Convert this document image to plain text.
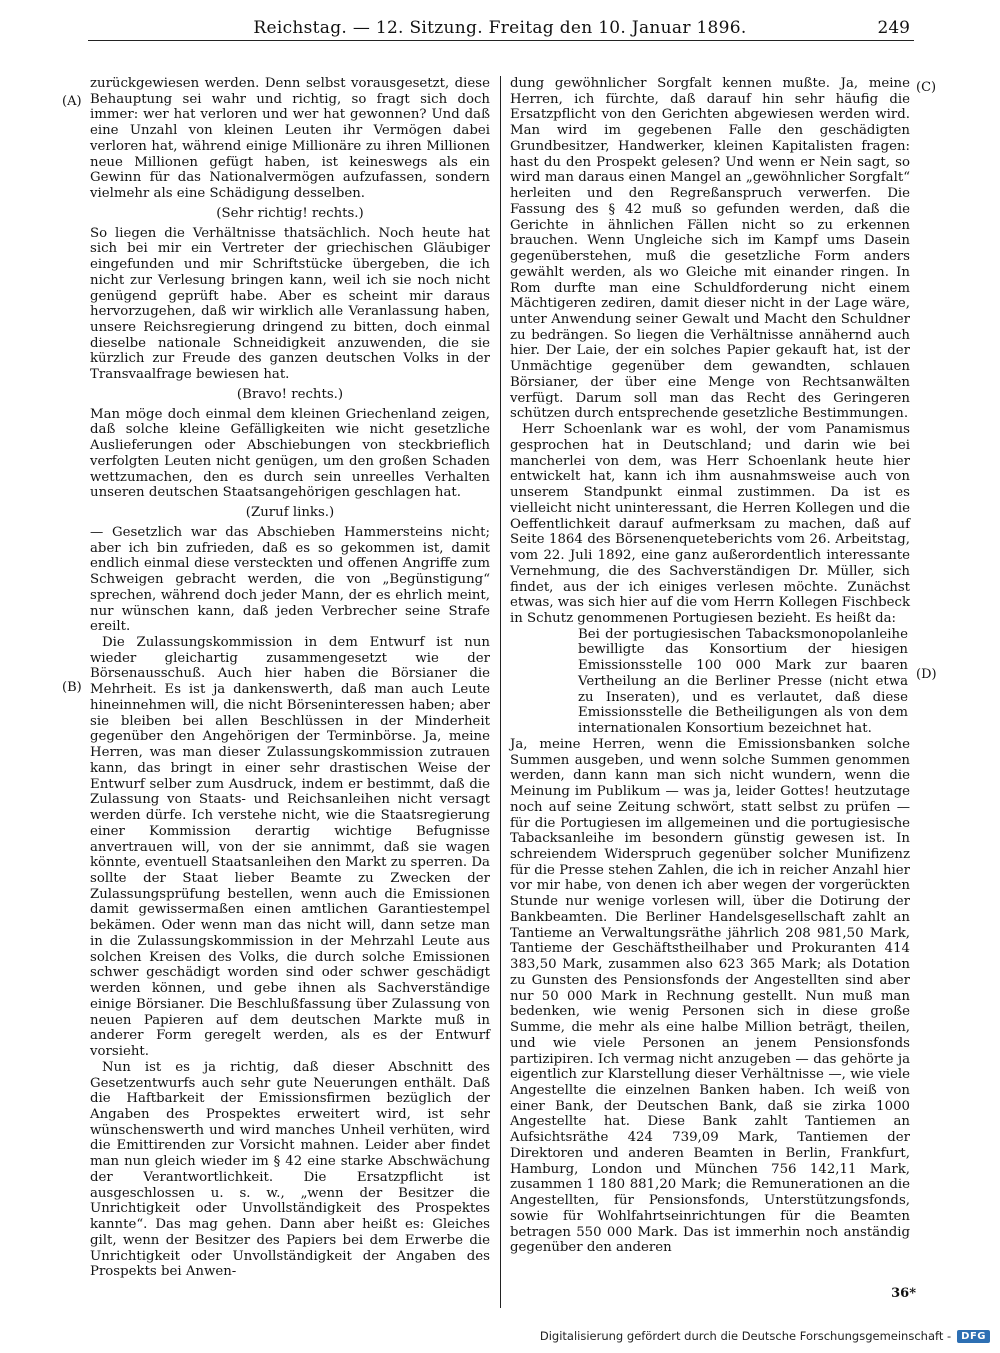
Reichstag. — 12. Sitzung. Freitag den 10. Januar 1896.	249
(A)
(B)
(C)
(D)

zurückgewiesen werden. Denn selbst vorausgesetzt, diese Behauptung sei wahr und richtig, so fragt sich doch immer: wer hat verloren und wer hat gewonnen? Und daß eine Unzahl von kleinen Leuten ihr Vermögen dabei verloren hat, während einige Millionäre zu ihren Millionen neue Millionen gefügt haben, ist keineswegs als ein Gewinn für das Nationalvermögen aufzufassen, sondern vielmehr als eine Schädigung desselben.

(Sehr richtig! rechts.)

So liegen die Verhältnisse thatsächlich. Noch heute hat sich bei mir ein Vertreter der griechischen Gläubiger eingefunden und mir Schriftstücke übergeben, die ich nicht zur Verlesung bringen kann, weil ich sie noch nicht genügend geprüft habe. Aber es scheint mir daraus hervorzugehen, daß wir wirklich alle Veranlassung haben, unsere Reichsregierung dringend zu bitten, doch einmal dieselbe nationale Schneidigkeit anzuwenden, die sie kürzlich zur Freude des ganzen deutschen Volks in der Transvaalfrage bewiesen hat.

(Bravo! rechts.)

Man möge doch einmal dem kleinen Griechenland zeigen, daß solche kleine Gefälligkeiten wie nicht gesetzliche Auslieferungen oder Abschiebungen von steckbrieflich verfolgten Leuten nicht genügen, um den großen Schaden wettzumachen, den es durch sein unreelles Verhalten unseren deutschen Staatsangehörigen geschlagen hat.

(Zuruf links.)

— Gesetzlich war das Abschieben Hammersteins nicht; aber ich bin zufrieden, daß es so gekommen ist, damit endlich einmal diese versteckten und offenen Angriffe zum Schweigen gebracht werden, die von „Begünstigung“ sprechen, während doch jeder Mann, der es ehrlich meint, nur wünschen kann, daß jeden Verbrecher seine Strafe ereilt.

Die Zulassungskommission in dem Entwurf ist nun wieder gleichartig zusammengesetzt wie der Börsenausschuß. Auch hier haben die Börsianer die Mehrheit. Es ist ja dankenswerth, daß man auch Leute hineinnehmen will, die nicht Börseninteressen haben; aber sie bleiben bei allen Beschlüssen in der Minderheit gegenüber den Angehörigen der Terminbörse. Ja, meine Herren, was man dieser Zulassungskommission zutrauen kann, das bringt in einer sehr drastischen Weise der Entwurf selber zum Ausdruck, indem er bestimmt, daß die Zulassung von Staats- und Reichsanleihen nicht versagt werden dürfe. Ich verstehe nicht, wie die Staatsregierung einer Kommission derartig wichtige Befugnisse anvertrauen will, von der sie annimmt, daß sie wagen könnte, eventuell Staatsanleihen den Markt zu sperren. Da sollte der Staat lieber Beamte zu Zwecken der Zulassungsprüfung bestellen, wenn auch die Emissionen damit gewissermaßen einen amtlichen Garantiestempel bekämen. Oder wenn man das nicht will, dann setze man in die Zulassungskommission in der Mehrzahl Leute aus solchen Kreisen des Volks, die durch solche Emissionen schwer geschädigt worden sind oder schwer geschädigt werden können, und gebe ihnen als Sachverständige einige Börsianer. Die Beschlußfassung über Zulassung von neuen Papieren auf dem deutschen Markte muß in anderer Form geregelt werden, als es der Entwurf vorsieht.

Nun ist es ja richtig, daß dieser Abschnitt des Gesetzentwurfs auch sehr gute Neuerungen enthält. Daß die Haftbarkeit der Emissionsfirmen bezüglich der Angaben des Prospektes erweitert wird, ist sehr wünschenswerth und wird manches Unheil verhüten, wird die Emittirenden zur Vorsicht mahnen. Leider aber findet man nun gleich wieder im § 42 eine starke Abschwächung der Verantwortlichkeit. Die Ersatzpflicht ist ausgeschlossen u. s. w., „wenn der Besitzer die Unrichtigkeit oder Unvollständigkeit des Prospektes kannte“. Das mag gehen. Dann aber heißt es: Gleiches gilt, wenn der Besitzer des Papiers bei dem Erwerbe die Unrichtigkeit oder Unvollständigkeit der Angaben des Prospekts bei Anwen-

dung gewöhnlicher Sorgfalt kennen mußte. Ja, meine Herren, ich fürchte, daß darauf hin sehr häufig die Ersatzpflicht von den Gerichten abgewiesen werden wird. Man wird im gegebenen Falle den geschädigten Grundbesitzer, Handwerker, kleinen Kapitalisten fragen: hast du den Prospekt gelesen? Und wenn er Nein sagt, so wird man daraus einen Mangel an „gewöhnlicher Sorgfalt“ herleiten und den Regreßanspruch verwerfen. Die Fassung des § 42 muß so gefunden werden, daß die Gerichte in ähnlichen Fällen nicht so zu erkennen brauchen. Wenn Ungleiche sich im Kampf ums Dasein gegenüberstehen, muß die gesetzliche Form anders gewählt werden, als wo Gleiche mit einander ringen. In Rom durfte man eine Schuldforderung nicht einem Mächtigeren zediren, damit dieser nicht in der Lage wäre, unter Anwendung seiner Gewalt und Macht den Schuldner zu bedrängen. So liegen die Verhältnisse annähernd auch hier. Der Laie, der ein solches Papier gekauft hat, ist der Unmächtige gegenüber dem gewandten, schlauen Börsianer, der über eine Menge von Rechtsanwälten verfügt. Darum soll man das Recht des Geringeren schützen durch entsprechende gesetzliche Bestimmungen.

Herr Schoenlank war es wohl, der vom Panamismus gesprochen hat in Deutschland; und darin wie bei mancherlei von dem, was Herr Schoenlank heute hier entwickelt hat, kann ich ihm ausnahmsweise auch von unserem Standpunkt einmal zustimmen. Da ist es vielleicht nicht uninteressant, die Herren Kollegen und die Oeffentlichkeit darauf aufmerksam zu machen, daß auf Seite 1864 des Börsenenqueteberichts vom 26. Arbeitstag, vom 22. Juli 1892, eine ganz außerordentlich interessante Vernehmung, die des Sachverständigen Dr. Müller, sich findet, aus der ich einiges verlesen möchte. Zunächst etwas, was sich hier auf die vom Herrn Kollegen Fischbeck in Schutz genommenen Portugiesen bezieht. Es heißt da:

Bei der portugiesischen Tabacksmonopolanleihe bewilligte das Konsortium der hiesigen Emissionsstelle 100 000 Mark zur baaren Vertheilung an die Berliner Presse (nicht etwa zu Inseraten), und es verlautet, daß diese Emissionsstelle die Betheiligungen als von dem internationalen Konsortium bezeichnet hat.

Ja, meine Herren, wenn die Emissionsbanken solche Summen ausgeben, und wenn solche Summen genommen werden, dann kann man sich nicht wundern, wenn die Meinung im Publikum — was ja, leider Gottes! heutzutage noch auf seine Zeitung schwört, statt selbst zu prüfen — für die Portugiesen im allgemeinen und die portugiesische Tabacksanleihe im besondern günstig gewesen ist. In schreiendem Widerspruch gegenüber solcher Munifizenz für die Presse stehen Zahlen, die ich in reicher Anzahl hier vor mir habe, von denen ich aber wegen der vorgerückten Stunde nur wenige vorlesen will, über die Dotirung der Bankbeamten. Die Berliner Handelsgesellschaft zahlt an Tantieme an Verwaltungsräthe jährlich 208 981,50 Mark, Tantieme der Geschäftstheilhaber und Prokuranten 414 383,50 Mark, zusammen also 623 365 Mark; als Dotation zu Gunsten des Pensionsfonds der Angestellten sind aber nur 50 000 Mark in Rechnung gestellt. Nun muß man bedenken, wie wenig Personen sich in diese große Summe, die mehr als eine halbe Million beträgt, theilen, und wie viele Personen an jenem Pensionsfonds partizipiren. Ich vermag nicht anzugeben — das gehörte ja eigentlich zur Klarstellung dieser Verhältnisse —, wie viele Angestellte die einzelnen Banken haben. Ich weiß von einer Bank, der Deutschen Bank, daß sie zirka 1000 Angestellte hat. Diese Bank zahlt Tantiemen an Aufsichtsräthe 424 739,09 Mark, Tantiemen der Direktoren und anderen Beamten in Berlin, Frankfurt, Hamburg, London und München 756 142,11 Mark, zusammen 1 180 881,20 Mark; die Remunerationen an die Angestellten, für Pensionsfonds, Unterstützungsfonds, sowie für Wohlfahrtseinrichtungen für die Beamten betragen 550 000 Mark. Das ist immerhin noch anständig gegenüber den anderen

36*
Digitalisierung gefördert durch die Deutsche Forschungsgemeinschaft -	DFG
